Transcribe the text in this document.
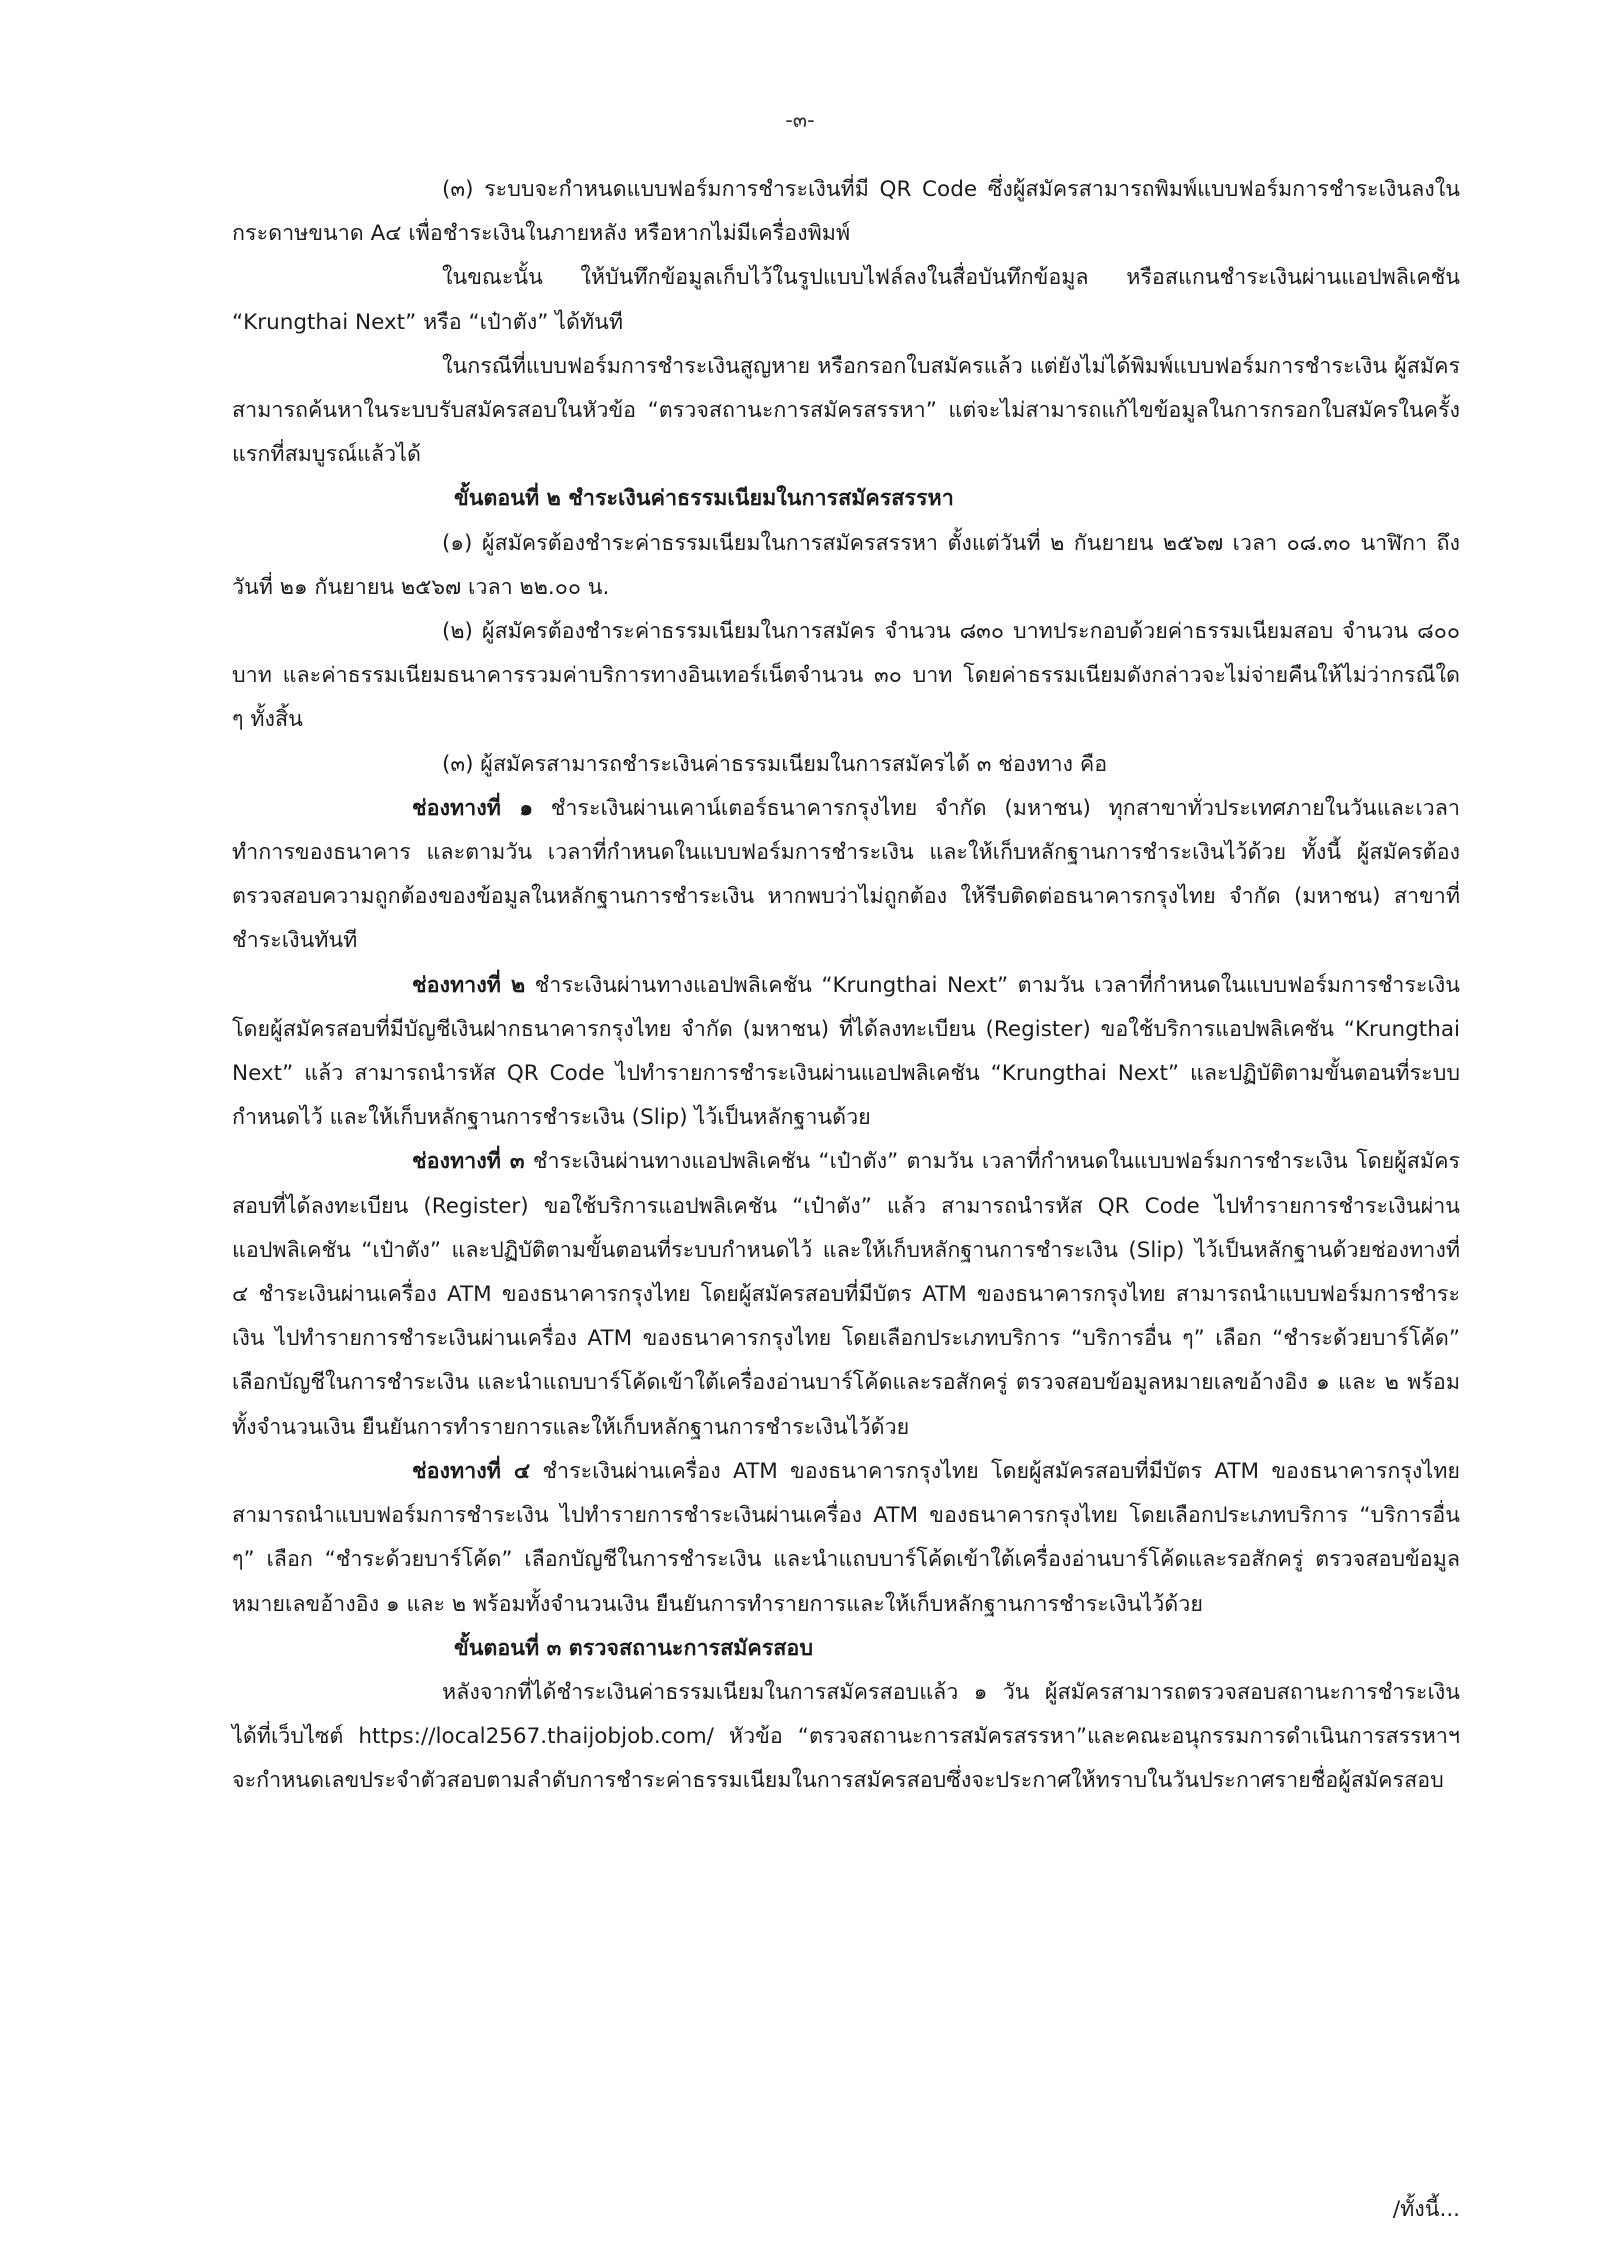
-๓-

(๓) ระบบจะกำหนดแบบฟอร์มการชำระเงินที่มี QR Code ซึ่งผู้สมัครสามารถพิมพ์แบบฟอร์มการชำระเงินลงในกระดาษขนาด A๔ เพื่อชำระเงินในภายหลัง หรือหากไม่มีเครื่องพิมพ์

ในขณะนั้น ให้บันทึกข้อมูลเก็บไว้ในรูปแบบไฟล์ลงในสื่อบันทึกข้อมูล หรือสแกนชำระเงินผ่านแอปพลิเคชัน “Krungthai Next” หรือ “เป๋าตัง” ได้ทันที

ในกรณีที่แบบฟอร์มการชำระเงินสูญหาย หรือกรอกใบสมัครแล้ว แต่ยังไม่ได้พิมพ์แบบฟอร์มการชำระเงิน ผู้สมัครสามารถค้นหาในระบบรับสมัครสอบในหัวข้อ “ตรวจสถานะการสมัครสรรหา” แต่จะไม่สามารถแก้ไขข้อมูลในการกรอกใบสมัครในครั้งแรกที่สมบูรณ์แล้วได้

ขั้นตอนที่ ๒ ชำระเงินค่าธรรมเนียมในการสมัครสรรหา

(๑) ผู้สมัครต้องชำระค่าธรรมเนียมในการสมัครสรรหา ตั้งแต่วันที่ ๒ กันยายน ๒๕๖๗ เวลา ๐๘.๓๐ นาฬิกา ถึงวันที่ ๒๑ กันยายน ๒๕๖๗ เวลา ๒๒.๐๐ น.

(๒) ผู้สมัครต้องชำระค่าธรรมเนียมในการสมัคร จำนวน ๘๓๐ บาทประกอบด้วยค่าธรรมเนียมสอบ จำนวน ๘๐๐ บาท และค่าธรรมเนียมธนาคารรวมค่าบริการทางอินเทอร์เน็ตจำนวน ๓๐ บาท โดยค่าธรรมเนียมดังกล่าวจะไม่จ่ายคืนให้ไม่ว่ากรณีใด ๆ ทั้งสิ้น

(๓) ผู้สมัครสามารถชำระเงินค่าธรรมเนียมในการสมัครได้ ๓ ช่องทาง คือ

ช่องทางที่ ๑ ชำระเงินผ่านเคาน์เตอร์ธนาคารกรุงไทย จำกัด (มหาชน) ทุกสาขาทั่วประเทศภายในวันและเวลาทำการของธนาคาร และตามวัน เวลาที่กำหนดในแบบฟอร์มการชำระเงิน และให้เก็บหลักฐานการชำระเงินไว้ด้วย ทั้งนี้ ผู้สมัครต้องตรวจสอบความถูกต้องของข้อมูลในหลักฐานการชำระเงิน หากพบว่าไม่ถูกต้อง ให้รีบติดต่อธนาคารกรุงไทย จำกัด (มหาชน) สาขาที่ชำระเงินทันที

ช่องทางที่ ๒ ชำระเงินผ่านทางแอปพลิเคชัน “Krungthai Next” ตามวัน เวลาที่กำหนดในแบบฟอร์มการชำระเงิน โดยผู้สมัครสอบที่มีบัญชีเงินฝากธนาคารกรุงไทย จำกัด (มหาชน) ที่ได้ลงทะเบียน (Register) ขอใช้บริการแอปพลิเคชัน “Krungthai Next” แล้ว สามารถนำรหัส QR Code ไปทำรายการชำระเงินผ่านแอปพลิเคชัน “Krungthai Next” และปฏิบัติตามขั้นตอนที่ระบบกำหนดไว้ และให้เก็บหลักฐานการชำระเงิน (Slip) ไว้เป็นหลักฐานด้วย

ช่องทางที่ ๓ ชำระเงินผ่านทางแอปพลิเคชัน “เป๋าตัง” ตามวัน เวลาที่กำหนดในแบบฟอร์มการชำระเงิน โดยผู้สมัครสอบที่ได้ลงทะเบียน (Register) ขอใช้บริการแอปพลิเคชัน “เป๋าตัง” แล้ว สามารถนำรหัส QR Code ไปทำรายการชำระเงินผ่านแอปพลิเคชัน “เป๋าตัง” และปฏิบัติตามขั้นตอนที่ระบบกำหนดไว้ และให้เก็บหลักฐานการชำระเงิน (Slip) ไว้เป็นหลักฐานด้วยช่องทางที่ ๔ ชำระเงินผ่านเครื่อง ATM ของธนาคารกรุงไทย โดยผู้สมัครสอบที่มีบัตร ATM ของธนาคารกรุงไทย สามารถนำแบบฟอร์มการชำระเงิน ไปทำรายการชำระเงินผ่านเครื่อง ATM ของธนาคารกรุงไทย โดยเลือกประเภทบริการ “บริการอื่น ๆ” เลือก “ชำระด้วยบาร์โค้ด” เลือกบัญชีในการชำระเงิน และนำแถบบาร์โค้ดเข้าใต้เครื่องอ่านบาร์โค้ดและรอสักครู่ ตรวจสอบข้อมูลหมายเลขอ้างอิง ๑ และ ๒ พร้อมทั้งจำนวนเงิน ยืนยันการทำรายการและให้เก็บหลักฐานการชำระเงินไว้ด้วย

ช่องทางที่ ๔ ชำระเงินผ่านเครื่อง ATM ของธนาคารกรุงไทย โดยผู้สมัครสอบที่มีบัตร ATM ของธนาคารกรุงไทย สามารถนำแบบฟอร์มการชำระเงิน ไปทำรายการชำระเงินผ่านเครื่อง ATM ของธนาคารกรุงไทย โดยเลือกประเภทบริการ “บริการอื่น ๆ” เลือก “ชำระด้วยบาร์โค้ด” เลือกบัญชีในการชำระเงิน และนำแถบบาร์โค้ดเข้าใต้เครื่องอ่านบาร์โค้ดและรอสักครู่ ตรวจสอบข้อมูลหมายเลขอ้างอิง ๑ และ ๒ พร้อมทั้งจำนวนเงิน ยืนยันการทำรายการและให้เก็บหลักฐานการชำระเงินไว้ด้วย

ขั้นตอนที่ ๓ ตรวจสถานะการสมัครสอบ

หลังจากที่ได้ชำระเงินค่าธรรมเนียมในการสมัครสอบแล้ว ๑ วัน ผู้สมัครสามารถตรวจสอบสถานะการชำระเงินได้ที่เว็บไซต์ https://local2567.thaijobjob.com/ หัวข้อ “ตรวจสถานะการสมัครสรรหา”และคณะอนุกรรมการดำเนินการสรรหาฯ จะกำหนดเลขประจำตัวสอบตามลำดับการชำระค่าธรรมเนียมในการสมัครสอบซึ่งจะประกาศให้ทราบในวันประกาศรายชื่อผู้สมัครสอบ

/ทั้งนี้...
